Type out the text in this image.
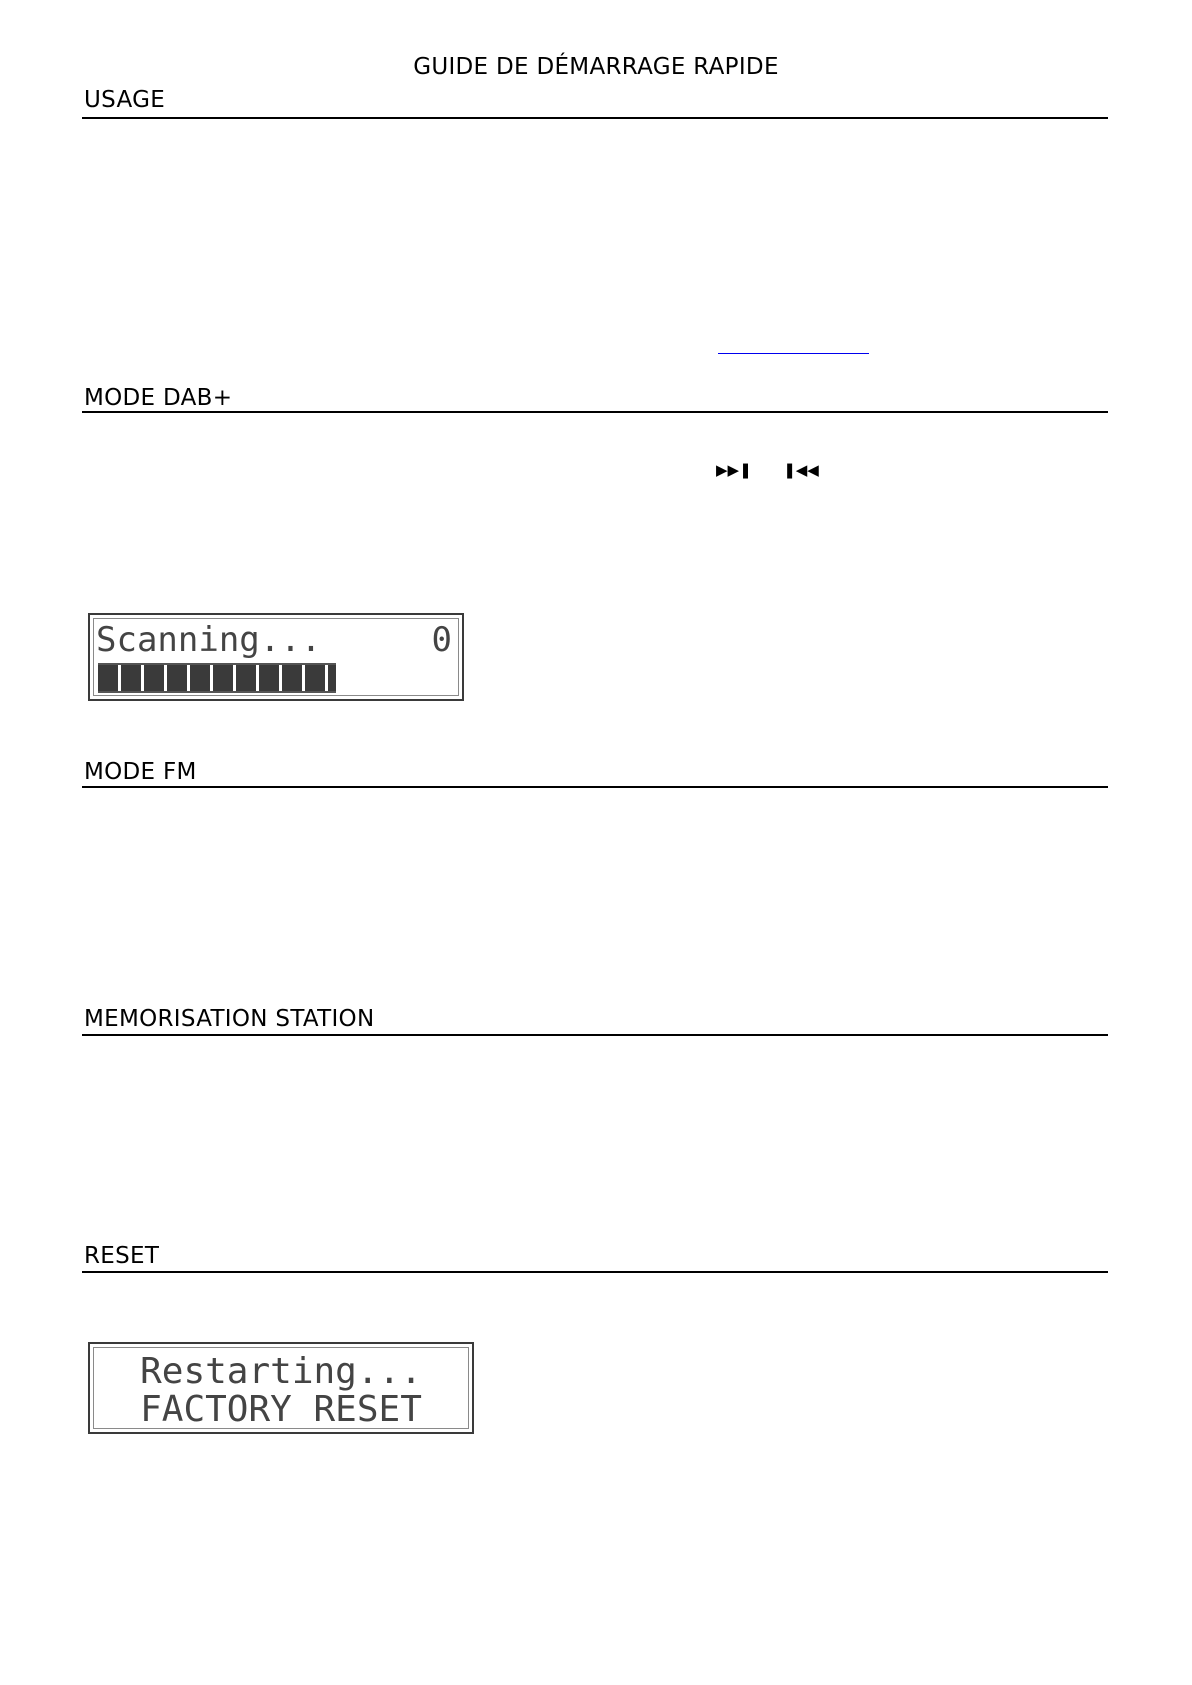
GUIDE DE DÉMARRAGE RAPIDE
USAGE
MODE DAB+
▶▶❚ ❚◀◀
Scanning...	0
MODE FM
MEMORISATION STATION
RESET
Restarting...
FACTORY RESET
